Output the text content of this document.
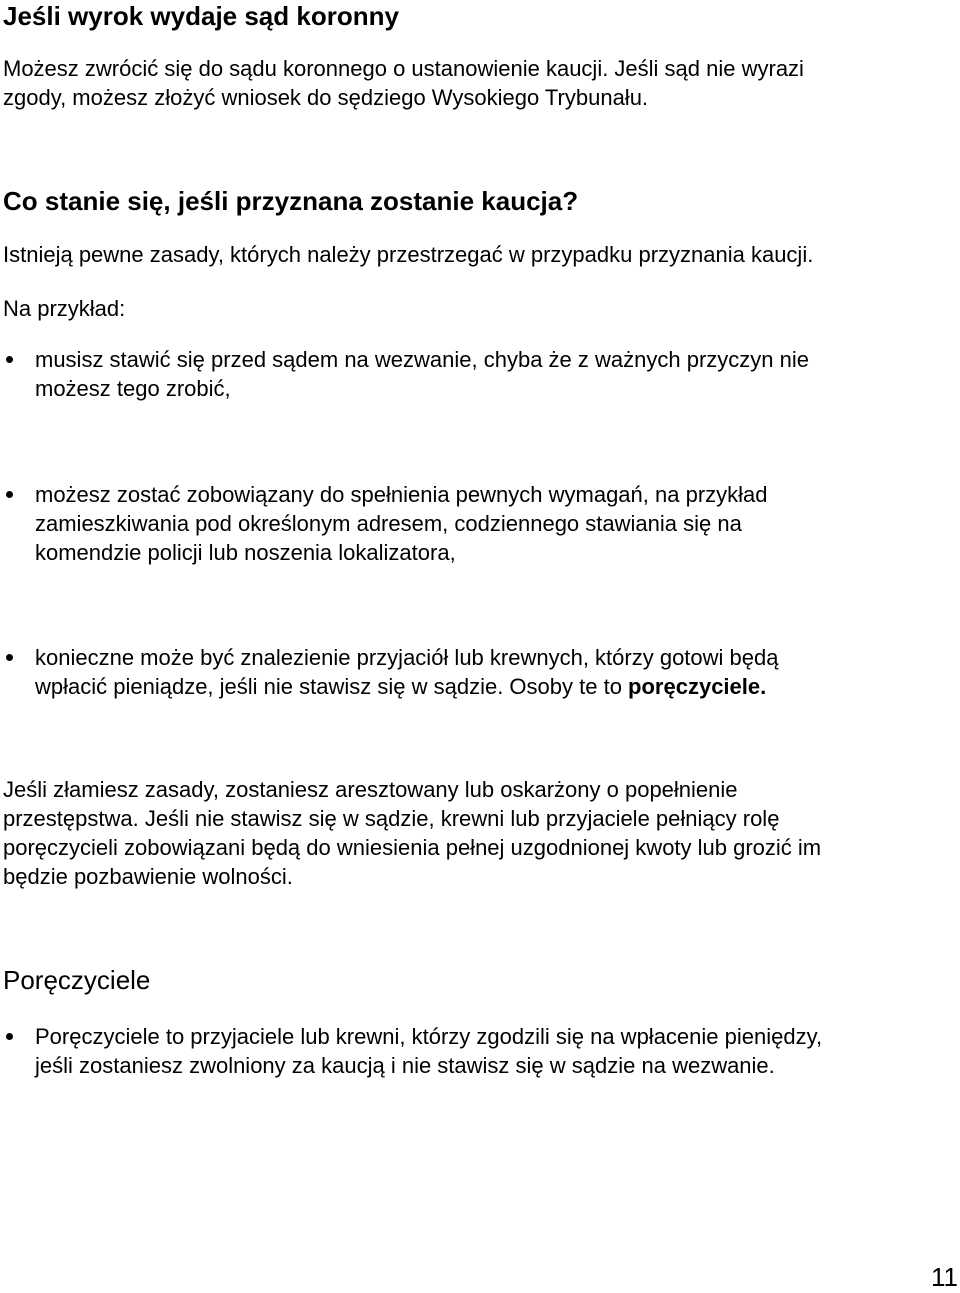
Jeśli wyrok wydaje sąd koronny
Możesz zwrócić się do sądu koronnego o ustanowienie kaucji. Jeśli sąd nie wyrazi
zgody, możesz złożyć wniosek do sędziego Wysokiego Trybunału.
Co stanie się, jeśli przyznana zostanie kaucja?
Istnieją pewne zasady, których należy przestrzegać w przypadku przyznania kaucji.
Na przykład:
musisz stawić się przed sądem na wezwanie, chyba że z ważnych przyczyn nie
możesz tego zrobić,
możesz zostać zobowiązany do spełnienia pewnych wymagań, na przykład
zamieszkiwania pod określonym adresem, codziennego stawiania się na
komendzie policji lub noszenia lokalizatora,
konieczne może być znalezienie przyjaciół lub krewnych, którzy gotowi będą
wpłacić pieniądze, jeśli nie stawisz się w sądzie. Osoby te to poręczyciele.
Jeśli złamiesz zasady, zostaniesz aresztowany lub oskarżony o popełnienie
przestępstwa. Jeśli nie stawisz się w sądzie, krewni lub przyjaciele pełniący rolę
poręczycieli zobowiązani będą do wniesienia pełnej uzgodnionej kwoty lub grozić im
będzie pozbawienie wolności.
Poręczyciele
Poręczyciele to przyjaciele lub krewni, którzy zgodzili się na wpłacenie pieniędzy,
jeśli zostaniesz zwolniony za kaucją i nie stawisz się w sądzie na wezwanie.
11
